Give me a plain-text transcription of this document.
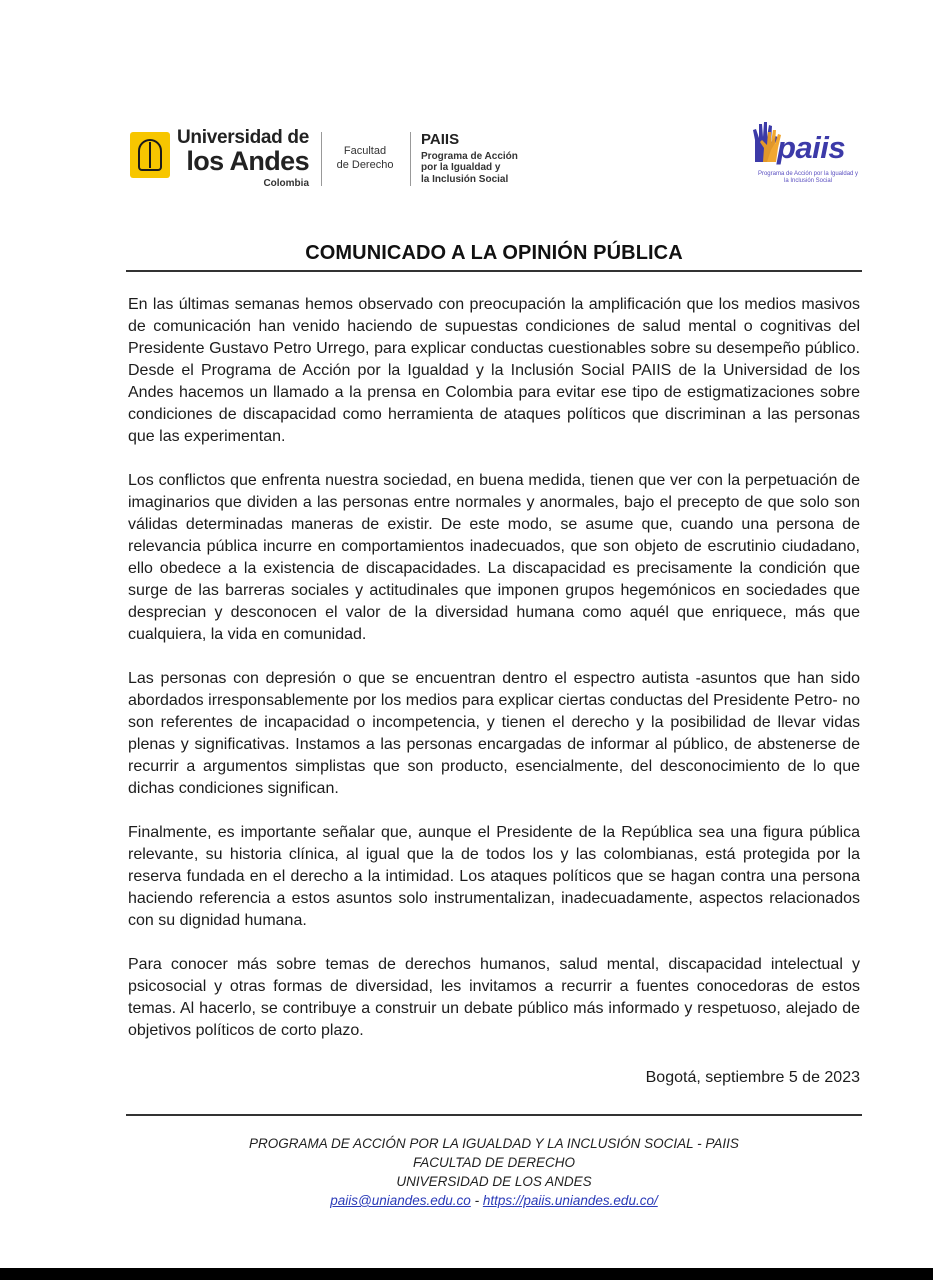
Universidad de
los Andes
Colombia
Facultad
de Derecho
PAIIS
Programa de Acción
por la Igualdad y
la Inclusión Social
paiis
Programa de Acción por la Igualdad y la Inclusión Social
COMUNICADO A LA OPINIÓN PÚBLICA

En las últimas semanas hemos observado con preocupación la amplificación que los medios masivos de comunicación han venido haciendo de supuestas condiciones de salud mental o cognitivas del Presidente Gustavo Petro Urrego, para explicar conductas cuestionables sobre su desempeño público. Desde el Programa de Acción por la Igualdad y la Inclusión Social PAIIS de la Universidad de los Andes hacemos un llamado a la prensa en Colombia para evitar ese tipo de estigmatizaciones sobre condiciones de discapacidad como herramienta de ataques políticos que discriminan a las personas que las experimentan.

Los conflictos que enfrenta nuestra sociedad, en buena medida, tienen que ver con la perpetuación de imaginarios que dividen a las personas entre normales y anormales, bajo el precepto de que solo son válidas determinadas maneras de existir. De este modo, se asume que, cuando una persona de relevancia pública incurre en comportamientos inadecuados, que son objeto de escrutinio ciudadano, ello obedece a la existencia de discapacidades. La discapacidad es precisamente la condición que surge de las barreras sociales y actitudinales que imponen grupos hegemónicos en sociedades que desprecian y desconocen el valor de la diversidad humana como aquél que enriquece, más que cualquiera, la vida en comunidad.

Las personas con depresión o que se encuentran dentro el espectro autista -asuntos que han sido abordados irresponsablemente por los medios para explicar ciertas conductas del Presidente Petro- no son referentes de incapacidad o incompetencia, y tienen el derecho y la posibilidad de llevar vidas plenas y significativas. Instamos a las personas encargadas de informar al público, de abstenerse de recurrir a argumentos simplistas que son producto, esencialmente, del desconocimiento de lo que dichas condiciones significan.

Finalmente, es importante señalar que, aunque el Presidente de la República sea una figura pública relevante, su historia clínica, al igual que la de todos los y las colombianas, está protegida por la reserva fundada en el derecho a la intimidad. Los ataques políticos que se hagan contra una persona haciendo referencia a estos asuntos solo instrumentalizan, inadecuadamente, aspectos relacionados con su dignidad humana.

Para conocer más sobre temas de derechos humanos, salud mental, discapacidad intelectual y psicosocial y otras formas de diversidad, les invitamos a recurrir a fuentes conocedoras de estos temas. Al hacerlo, se contribuye a construir un debate público más informado y respetuoso, alejado de objetivos políticos de corto plazo.

Bogotá, septiembre 5 de 2023
PROGRAMA DE ACCIÓN POR LA IGUALDAD Y LA INCLUSIÓN SOCIAL - PAIIS
FACULTAD DE DERECHO
UNIVERSIDAD DE LOS ANDES
paiis@uniandes.edu.co - https://paiis.uniandes.edu.co/
